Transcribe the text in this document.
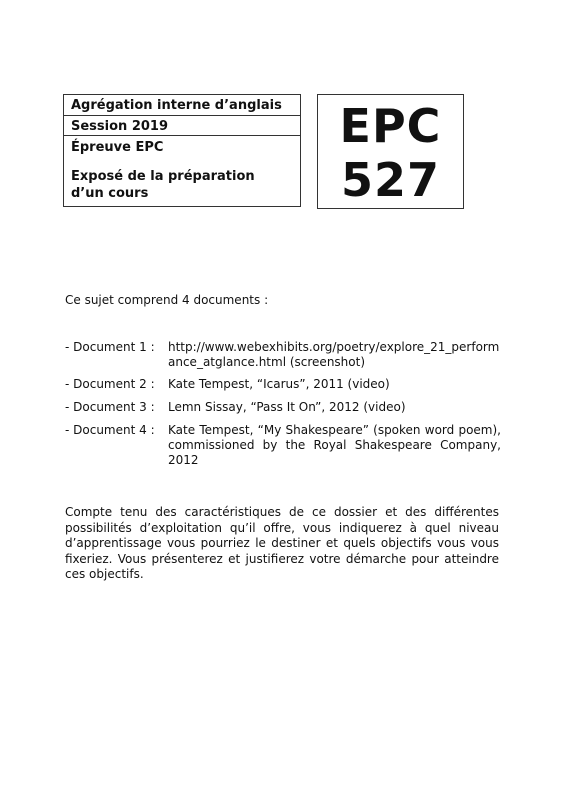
Agrégation interne d’anglais
Session 2019
Épreuve EPC
Exposé de la préparation d’un cours
EPC
527
Ce sujet comprend 4 documents :
- Document 1 : http://www.webexhibits.org/poetry/explore_21_performance_atglance.html (screenshot)
- Document 2 : Kate Tempest, “Icarus”, 2011 (video)
- Document 3 : Lemn Sissay, “Pass It On”, 2012 (video)
- Document 4 : Kate Tempest, “My Shakespeare” (spoken word poem), commissioned by the Royal Shakespeare Company, 2012
Compte tenu des caractéristiques de ce dossier et des différentes possibilités d’exploitation qu’il offre, vous indiquerez à quel niveau d’apprentissage vous pourriez le destiner et quels objectifs vous vous fixeriez. Vous présenterez et justifierez votre démarche pour atteindre ces objectifs.
